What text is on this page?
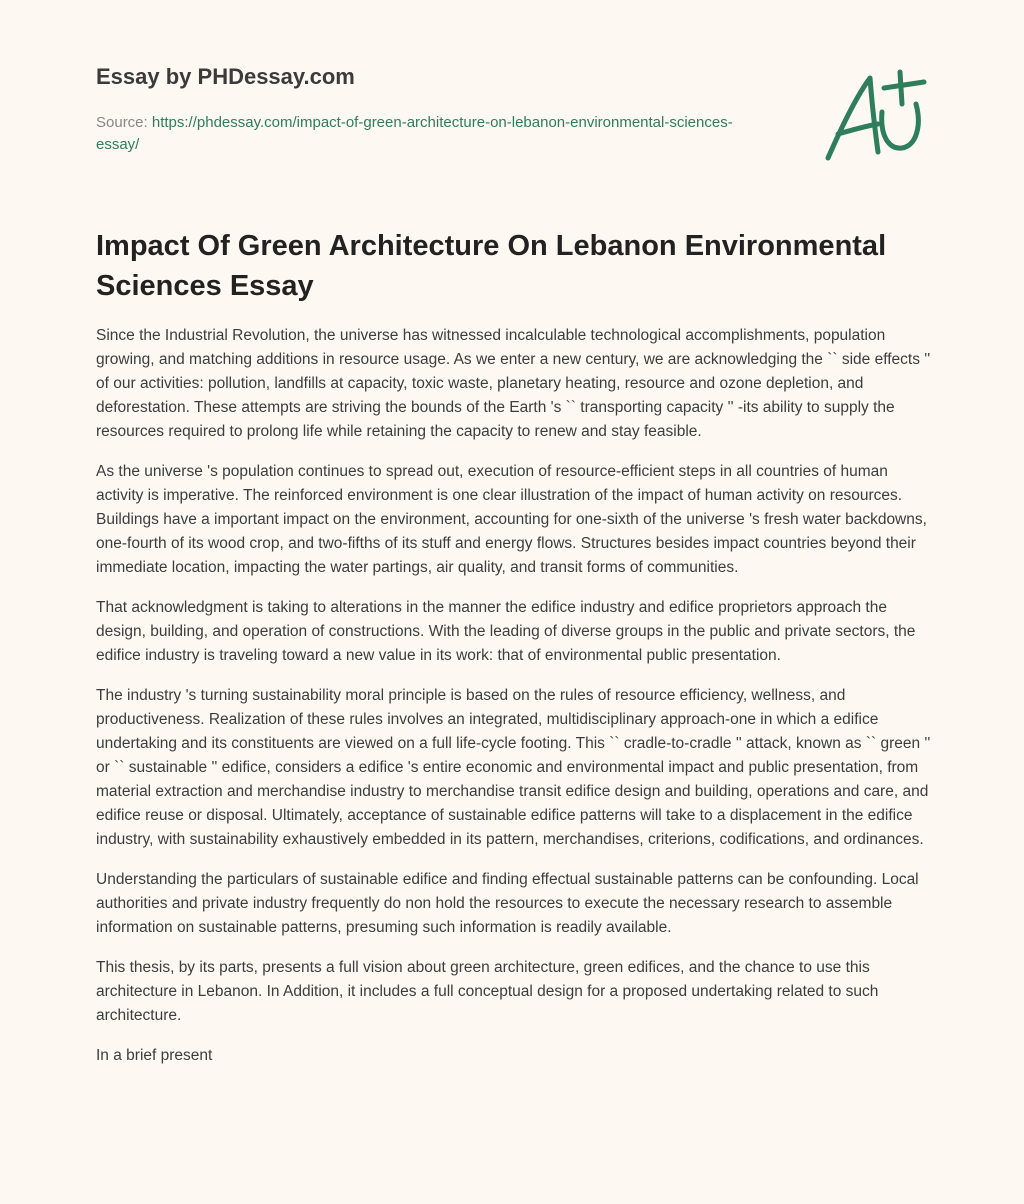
Essay by PHDessay.com
Source: https://phdessay.com/impact-of-green-architecture-on-lebanon-environmental-sciences-essay/
Impact Of Green Architecture On Lebanon Environmental Sciences Essay

Since the Industrial Revolution, the universe has witnessed incalculable technological accomplishments, population growing, and matching additions in resource usage. As we enter a new century, we are acknowledging the `` side effects '' of our activities: pollution, landfills at capacity, toxic waste, planetary heating, resource and ozone depletion, and deforestation. These attempts are striving the bounds of the Earth 's `` transporting capacity '' -its ability to supply the resources required to prolong life while retaining the capacity to renew and stay feasible.

As the universe 's population continues to spread out, execution of resource-efficient steps in all countries of human activity is imperative. The reinforced environment is one clear illustration of the impact of human activity on resources. Buildings have a important impact on the environment, accounting for one-sixth of the universe 's fresh water backdowns, one-fourth of its wood crop, and two-fifths of its stuff and energy flows. Structures besides impact countries beyond their immediate location, impacting the water partings, air quality, and transit forms of communities.

That acknowledgment is taking to alterations in the manner the edifice industry and edifice proprietors approach the design, building, and operation of constructions. With the leading of diverse groups in the public and private sectors, the edifice industry is traveling toward a new value in its work: that of environmental public presentation.

The industry 's turning sustainability moral principle is based on the rules of resource efficiency, wellness, and productiveness. Realization of these rules involves an integrated, multidisciplinary approach-one in which a edifice undertaking and its constituents are viewed on a full life-cycle footing. This `` cradle-to-cradle '' attack, known as `` green '' or `` sustainable '' edifice, considers a edifice 's entire economic and environmental impact and public presentation, from material extraction and merchandise industry to merchandise transit edifice design and building, operations and care, and edifice reuse or disposal. Ultimately, acceptance of sustainable edifice patterns will take to a displacement in the edifice industry, with sustainability exhaustively embedded in its pattern, merchandises, criterions, codifications, and ordinances.

Understanding the particulars of sustainable edifice and finding effectual sustainable patterns can be confounding. Local authorities and private industry frequently do non hold the resources to execute the necessary research to assemble information on sustainable patterns, presuming such information is readily available.

This thesis, by its parts, presents a full vision about green architecture, green edifices, and the chance to use this architecture in Lebanon. In Addition, it includes a full conceptual design for a proposed undertaking related to such architecture.

In a brief present
